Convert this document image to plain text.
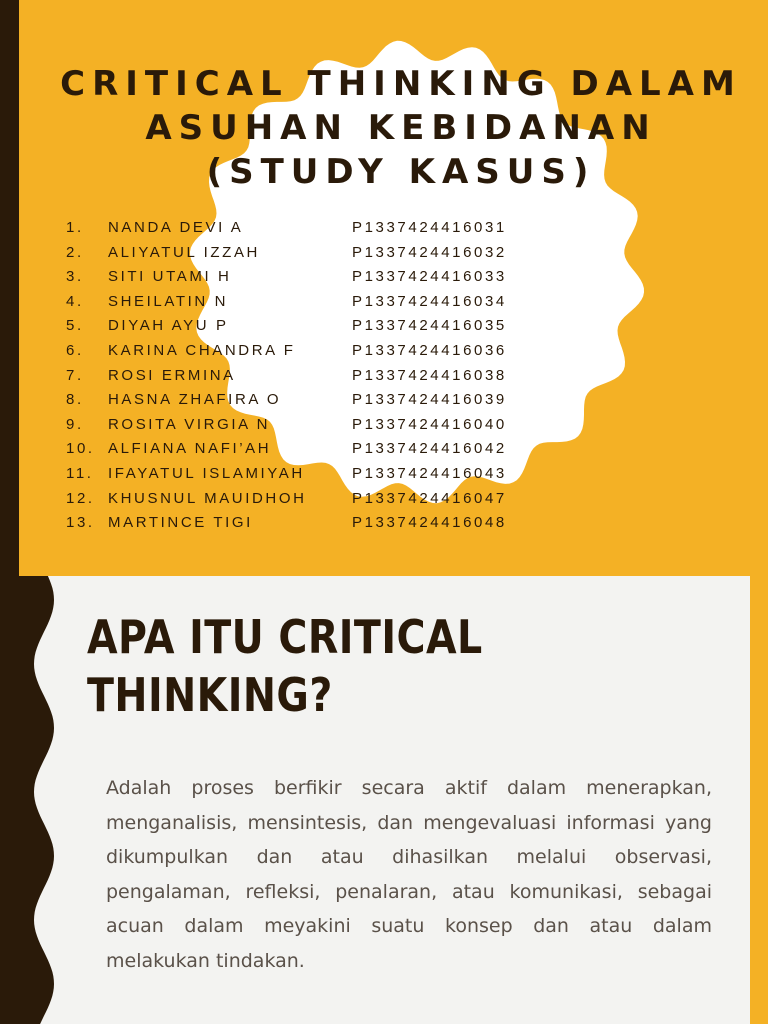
CRITICAL THINKING DALAM
ASUHAN KEBIDANAN
(STUDY KASUS)
1. NANDA DEVI A	P1337424416031
2. ALIYATUL IZZAH	P1337424416032
3. SITI UTAMI H	P1337424416033
4. SHEILATIN N	P1337424416034
5. DIYAH AYU P	P1337424416035
6. KARINA CHANDRA F	P1337424416036
7. ROSI ERMINA	P1337424416038
8. HASNA ZHAFIRA O	P1337424416039
9. ROSITA VIRGIA N	P1337424416040
10. ALFIANA NAFI’AH	P1337424416042
11. IFAYATUL ISLAMIYAH	P1337424416043
12. KHUSNUL MAUIDHOH	P1337424416047
13. MARTINCE TIGI	P1337424416048
APA ITU CRITICAL
THINKING?

Adalah proses berfikir secara aktif dalam menerapkan, menganalisis, mensintesis, dan mengevaluasi informasi yang dikumpulkan dan atau dihasilkan melalui observasi, pengalaman, refleksi, penalaran, atau komunikasi, sebagai acuan dalam meyakini suatu konsep dan atau dalam melakukan tindakan.
